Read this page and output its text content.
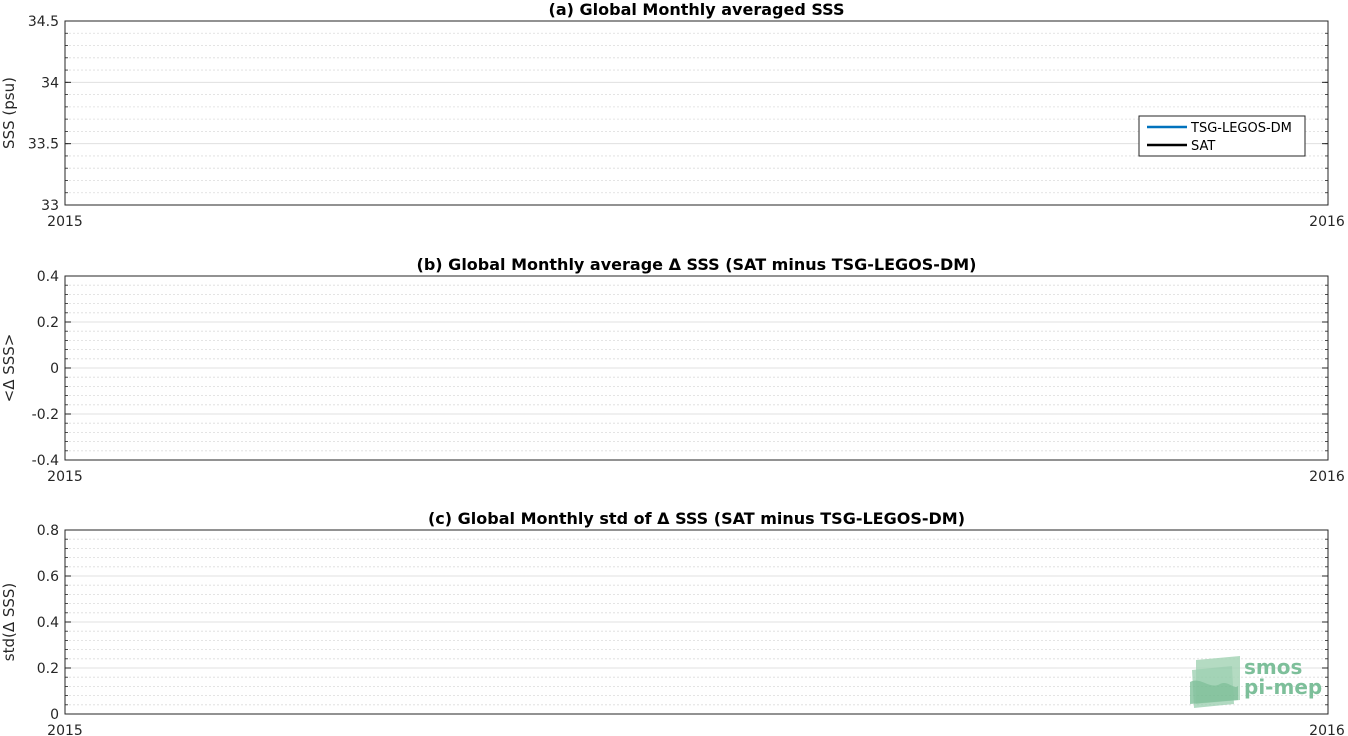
33
33.5
34
34.5
2015	2016
(a) Global Monthly averaged SSS
SSS (psu)	TSG-LEGOS-DM
SAT
-0.4
-0.2
0
0.2
0.4
2015	2016
(b) Global Monthly average Δ SSS (SAT minus TSG-LEGOS-DM)
<Δ SSS>
0
0.2
0.4
0.6
0.8
2015	2016
(c) Global Monthly std of Δ SSS (SAT minus TSG-LEGOS-DM)
std(Δ SSS)
smos
pi-mep
